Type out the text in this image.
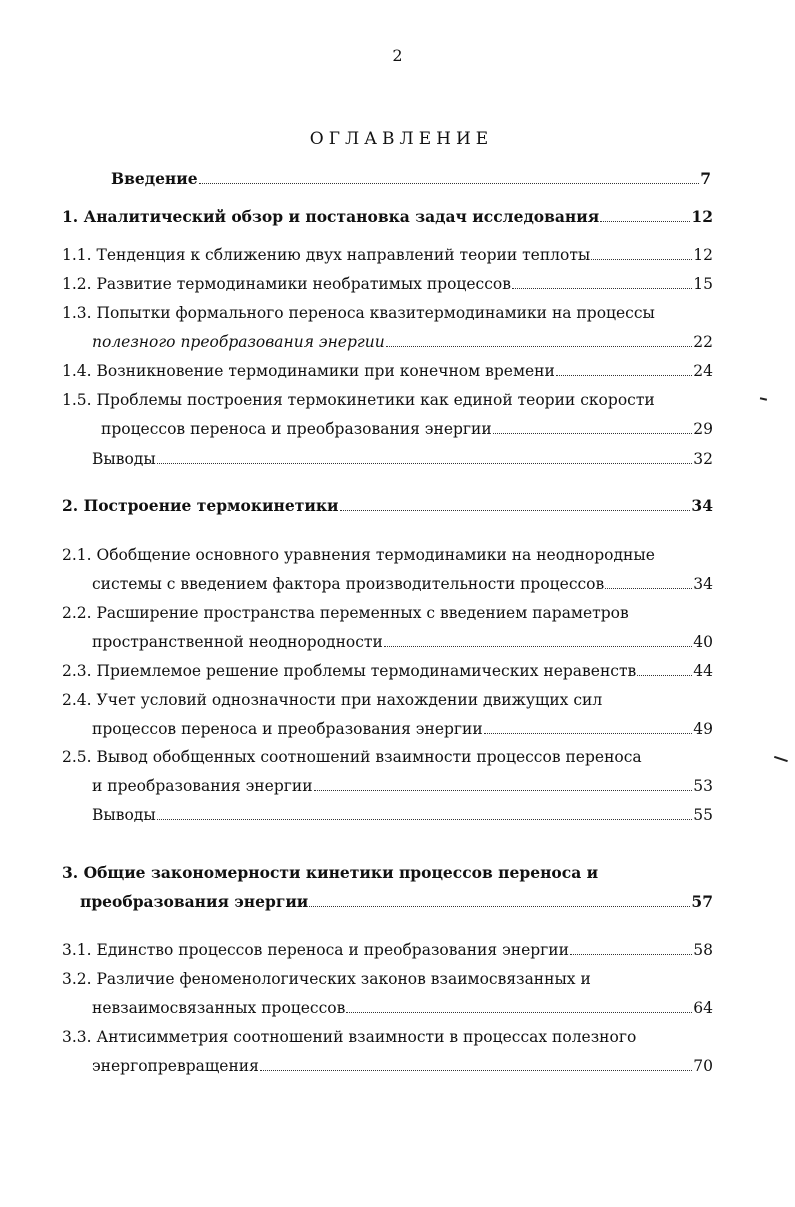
2
ОГЛАВЛЕНИЕ
Введение	7
1. Аналитический обзор и постановка задач исследования	12
1.1. Тенденция к сближению двух направлений теории теплоты	12
1.2. Развитие термодинамики необратимых процессов	15
1.3. Попытки формального переноса квазитермодинамики на процессы
полезного преобразования энергии	22
1.4. Возникновение термодинамики при конечном времени	24
1.5. Проблемы построения термокинетики как единой теории скорости
процессов переноса и преобразования энергии	29
Выводы	32
2. Построение термокинетики	34
2.1. Обобщение основного уравнения термодинамики на неоднородные
системы с введением фактора производительности процессов	34
2.2. Расширение пространства переменных с введением параметров
пространственной неоднородности	40
2.3. Приемлемое решение проблемы термодинамических неравенств	44
2.4. Учет условий однозначности при нахождении движущих сил
процессов переноса и преобразования энергии	49
2.5. Вывод обобщенных соотношений взаимности процессов переноса
и преобразования энергии	53
Выводы	55
3. Общие закономерности кинетики процессов переноса и
преобразования энергии	57
3.1. Единство процессов переноса и преобразования энергии	58
3.2. Различие феноменологических законов взаимосвязанных и
невзаимосвязанных процессов	64
3.3. Антисимметрия соотношений взаимности в процессах полезного
энергопревращения	70
